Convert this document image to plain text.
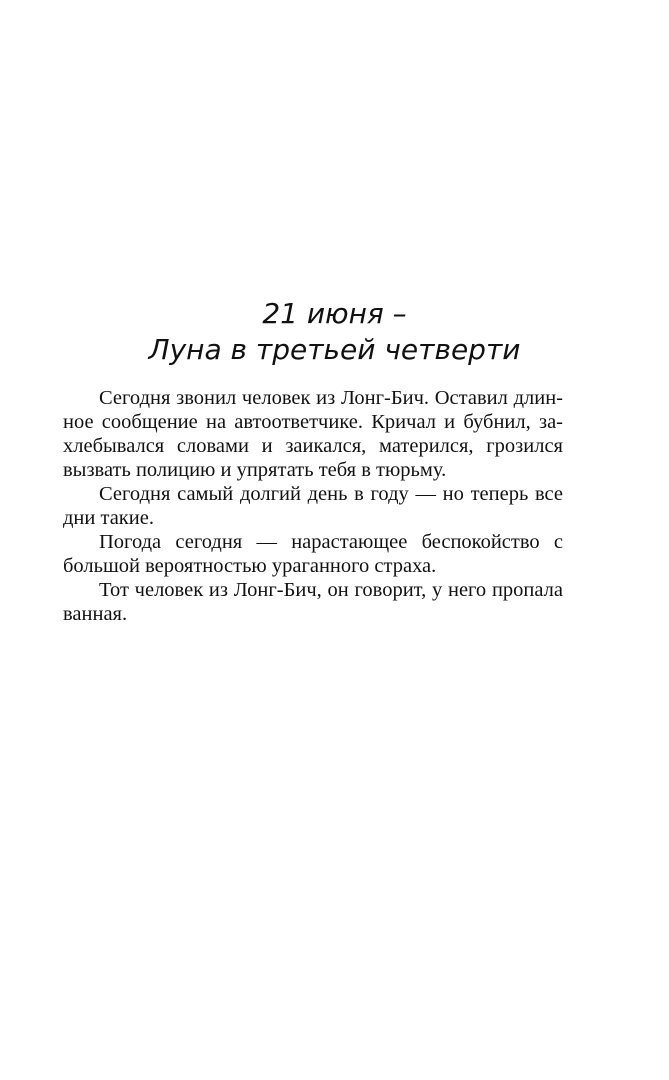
21 июня –
Луна в третьей четверти

Сегодня звонил человек из Лонг-Бич. Оставил длинное сообщение на автоответчике. Кричал и бубнил, захлебывался словами и заикался, матерился, грозился вызвать полицию и упрятать тебя в тюрьму.

Сегодня самый долгий день в году — но теперь все дни такие.

Погода сегодня — нарастающее беспокойство с большой вероятностью ураганного страха.

Тот человек из Лонг-Бич, он говорит, у него пропала ванная.
